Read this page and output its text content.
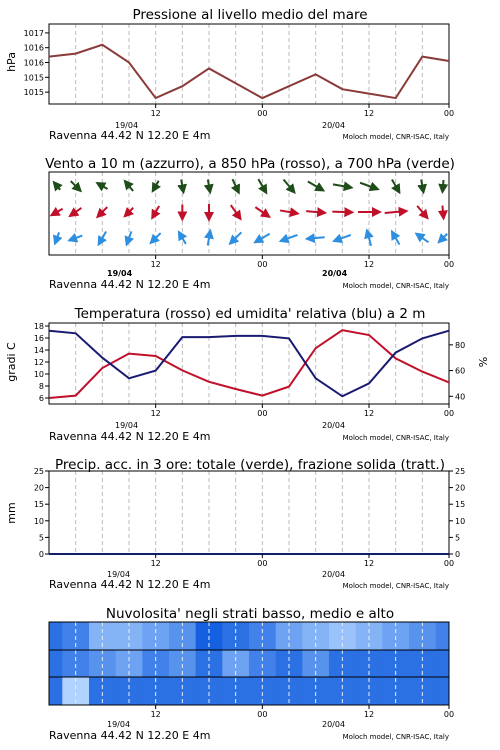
Pressione al livello medio del mare
hPa
1015
1015
1016
1016
1017
12	00	12	00
19/04	20/04
Ravenna 44.42 N 12.20 E 4m	Moloch model, CNR-ISAC, Italy
Vento a 10 m (azzurro), a 850 hPa (rosso), a 700 hPa (verde)
12	00	12	00
19/04	20/04
Ravenna 44.42 N 12.20 E 4m	Moloch model, CNR-ISAC, Italy
Temperatura (rosso) ed umidita' relativa (blu) a 2 m
gradi C	%
6
8
10
12
14
16
18
40
60
80
12	00	12	00
19/04	20/04
Ravenna 44.42 N 12.20 E 4m	Moloch model, CNR-ISAC, Italy
Precip. acc. in 3 ore: totale (verde), frazione solida (tratt.)
mm
0	0
5	5
10	10
15	15
20	20
25	25
12	00	12	00
19/04	20/04
Ravenna 44.42 N 12.20 E 4m	Moloch model, CNR-ISAC, Italy
Nuvolosita' negli strati basso, medio e alto
12	00	12	00
19/04	20/04
Ravenna 44.42 N 12.20 E 4m	Moloch model, CNR-ISAC, Italy
